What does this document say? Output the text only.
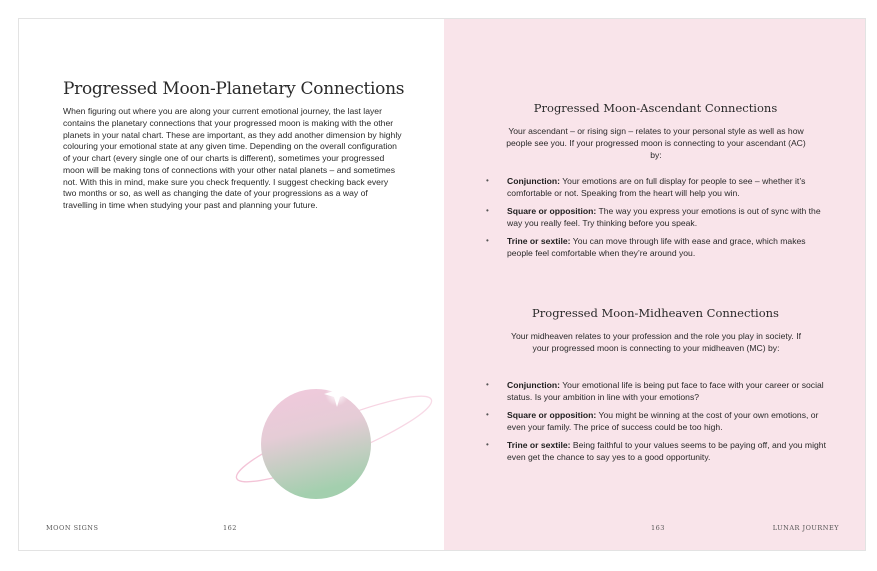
Progressed Moon-Planetary Connections

When figuring out where you are along your current emotional journey, the last layer contains the planetary connections that your progressed moon is making with the other planets in your natal chart. These are important, as they add another dimension by highly colouring your emotional state at any given time. Depending on the overall configuration of your chart (every single one of our charts is different), sometimes your progressed moon will be making tons of connections with your other natal planets – and sometimes not. With this in mind, make sure you check frequently. I suggest checking back every two months or so, as well as changing the date of your progressions as a way of travelling in time when studying your past and planning your future.

MOON SIGNS	162
Progressed Moon-Ascendant Connections

Your ascendant – or rising sign – relates to your personal style as well as how people see you. If your progressed moon is connecting to your ascendant (AC) by:

• Conjunction: Your emotions are on full display for people to see – whether it’s comfortable or not. Speaking from the heart will help you win.
• Square or opposition: The way you express your emotions is out of sync with the way you really feel. Try thinking before you speak.
• Trine or sextile: You can move through life with ease and grace, which makes people feel comfortable when they’re around you.
Progressed Moon-Midheaven Connections

Your midheaven relates to your profession and the role you play in society. If your progressed moon is connecting to your midheaven (MC) by:

• Conjunction: Your emotional life is being put face to face with your career or social status. Is your ambition in line with your emotions?
• Square or opposition: You might be winning at the cost of your own emotions, or even your family. The price of success could be too high.
• Trine or sextile: Being faithful to your values seems to be paying off, and you might even get the chance to say yes to a good opportunity.
163	LUNAR JOURNEY
